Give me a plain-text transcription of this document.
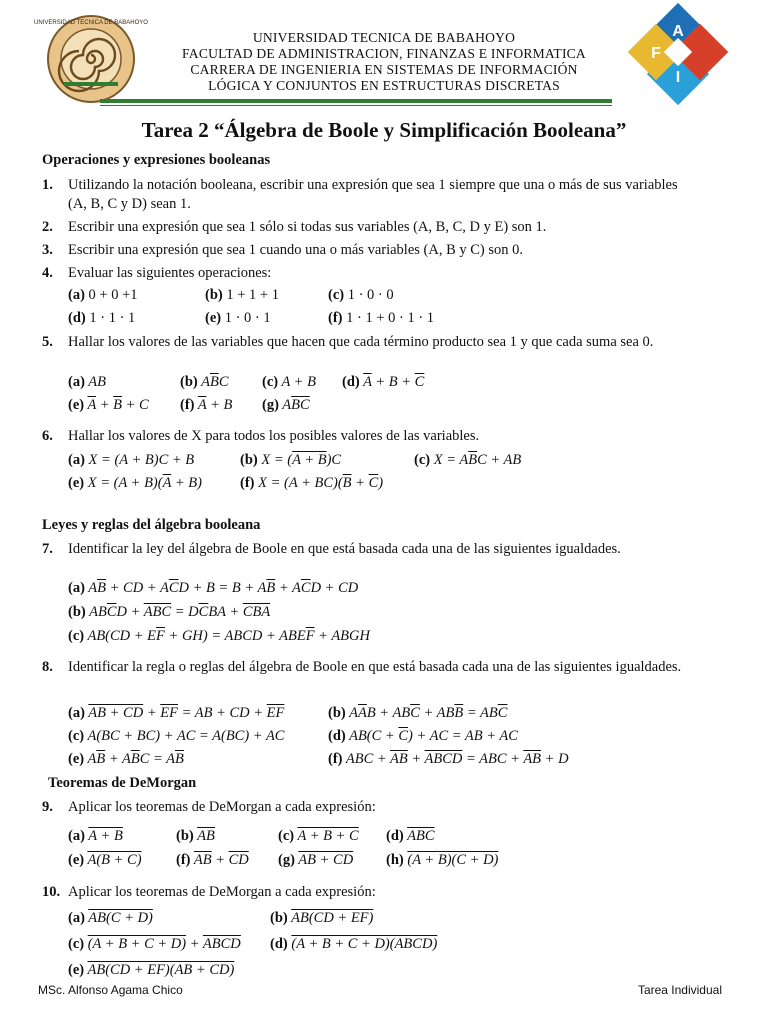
UNIVERSIDAD TECNICA DE BABAHOYO	A
F
I
UNIVERSIDAD TECNICA DE BABAHOYO
FACULTAD DE ADMINISTRACION, FINANZAS E INFORMATICA
CARRERA DE INGENIERIA EN SISTEMAS DE INFORMACIÓN
LÓGICA Y CONJUNTOS EN ESTRUCTURAS DISCRETAS
Tarea 2 “Álgebra de Boole y Simplificación Booleana”
Operaciones y expresiones booleanas
1. Utilizando la notación booleana, escribir una expresión que sea 1 siempre que una o más de sus variables (A, B, C y D) sean 1.
2. Escribir una expresión que sea 1 sólo si todas sus variables (A, B, C, D y E) son 1.
3. Escribir una expresión que sea 1 cuando una o más variables (A, B y C) son 0.
4. Evaluar las siguientes operaciones:
(a) 0 + 0 +1	(b) 1 + 1 + 1	(c) 1 · 0 · 0
(d) 1 · 1 · 1	(e) 1 · 0 · 1	(f) 1 · 1 + 0 · 1 · 1
5. Hallar los valores de las variables que hacen que cada término producto sea 1 y que cada suma sea 0.
(a) AB	(b) $A\overline{B}C$ (c) A + B (d) $\overline{A} + B + \overline{C}$
(e) $\overline{A} + \overline{B} + C$ (f) $\overline{A} + B$ (g) $A\overline{BC}$
6. Hallar los valores de X para todos los posibles valores de las variables.
(a) X = (A + B)C + B	(b) X = (A + B)C	(c) $X = A\overline{B}C$ + AB
(e) $X = (A + B)(\overline{A} + B)$	(f) $X = (A + BC)(\overline{B} + \overline{C})$
Leyes y reglas del álgebra booleana
7. Identificar la ley del álgebra de Boole en que está basada cada una de las siguientes igualdades.
(a) $A\overline{B}$ + CD + $A\overline{C}D + B = B + A\overline{B} + A\overline{C}D$ + CD
(b) $AB\overline{C}D + \overline{ABC} = D\overline{C}BA + \overline{CBA}$
(c) $AB(CD + E\overline{F} + GH)$ = ABCD + $ABE\overline{F}$ + ABGH
8. Identificar la regla o reglas del álgebra de Boole en que está basada cada una de las siguientes igualdades.
(a) AB + CD + $\overline{EF}$ = AB + CD + $\overline{EF}$	(b) $A\overline{A}B + AB\overline{C} + AB\overline{B} = AB\overline{C}$
(c) A(BC + BC) + AC = A(BC) + AC	(d) $AB(C + \overline{C})$ + AC = AB + AC
(e) $A\overline{B} + A\overline{B}C = A\overline{B}$	(f) ABC + $\overline{AB}$ + ABCD = ABC + $\overline{AB} + D$
Teoremas de DeMorgan
9. Aplicar los teoremas de DeMorgan a cada expresión:
(a) A + B	(b) AB	(c) A + B + C (d) $\overline{ABC}$
(e) A(B + C) (f) $\overline{AB} + \overline{CD}$ (g) AB + CD (h) (A + B)(C + D)
10. Aplicar los teoremas de DeMorgan a cada expresión:
(a) AB(C + D)	(b) AB(CD + EF)
(c) (A + B + C + D) + ABCD (d) (A + B + C + D)(ABCD)
(e) AB(CD + EF)(AB + CD)
MSc. Alfonso Agama Chico	Tarea Individual
